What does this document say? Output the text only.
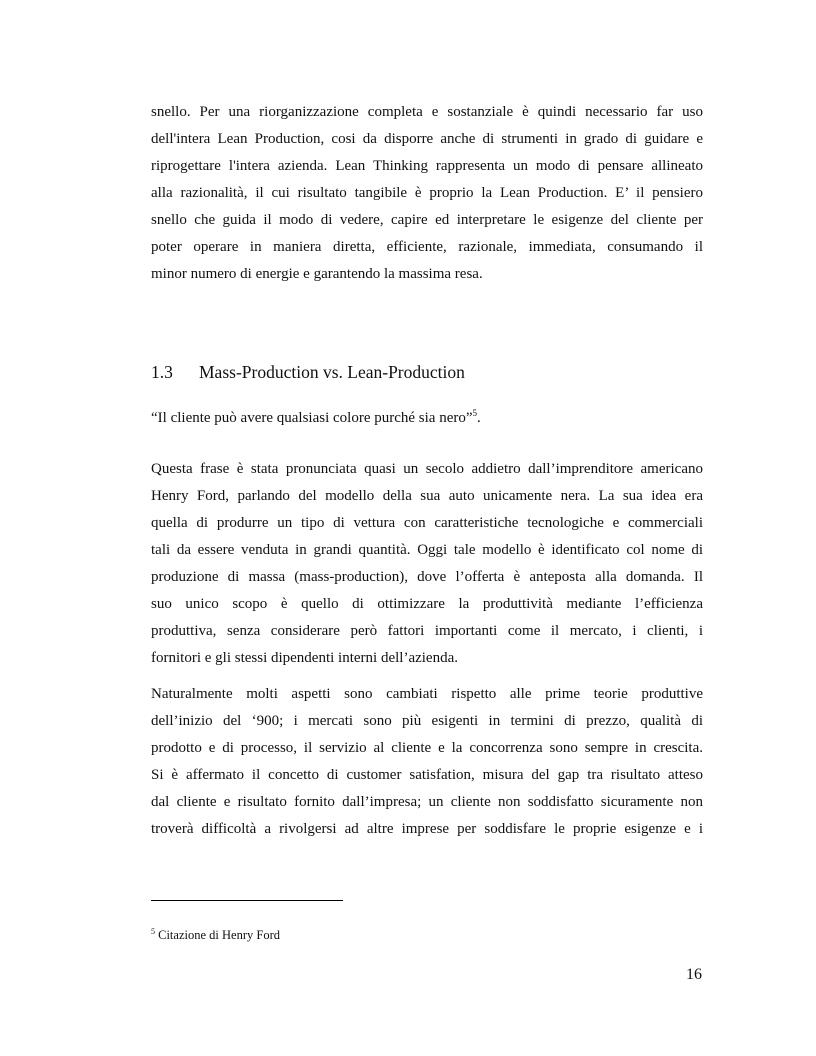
snello. Per una riorganizzazione completa e sostanziale è quindi necessario far uso
dell'intera Lean Production, cosi da disporre anche di strumenti in grado di guidare e
riprogettare l'intera azienda. Lean Thinking rappresenta un modo di pensare allineato
alla razionalità, il cui risultato tangibile è proprio la Lean Production. E’ il pensiero
snello che guida il modo di vedere, capire ed interpretare le esigenze del cliente per
poter operare in maniera diretta, efficiente, razionale, immediata, consumando il
minor numero di energie e garantendo la massima resa.
1.3 Mass-Production vs. Lean-Production
“Il cliente può avere qualsiasi colore purché sia nero”$^5$.
Questa frase è stata pronunciata quasi un secolo addietro dall’imprenditore americano
Henry Ford, parlando del modello della sua auto unicamente nera. La sua idea era
quella di produrre un tipo di vettura con caratteristiche tecnologiche e commerciali
tali da essere venduta in grandi quantità. Oggi tale modello è identificato col nome di
produzione di massa (mass-production), dove l’offerta è anteposta alla domanda. Il
suo unico scopo è quello di ottimizzare la produttività mediante l’efficienza
produttiva, senza considerare però fattori importanti come il mercato, i clienti, i
fornitori e gli stessi dipendenti interni dell’azienda.
Naturalmente molti aspetti sono cambiati rispetto alle prime teorie produttive
dell’inizio del ‘900; i mercati sono più esigenti in termini di prezzo, qualità di
prodotto e di processo, il servizio al cliente e la concorrenza sono sempre in crescita.
Si è affermato il concetto di customer satisfation, misura del gap tra risultato atteso
dal cliente e risultato fornito dall’impresa; un cliente non soddisfatto sicuramente non
troverà difficoltà a rivolgersi ad altre imprese per soddisfare le proprie esigenze e i
$^5$ Citazione di Henry Ford
16
